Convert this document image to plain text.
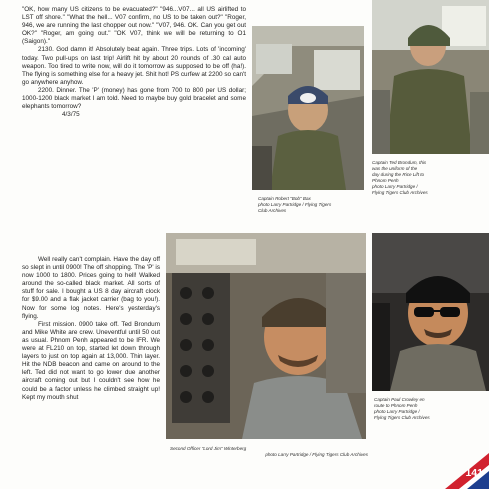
"OK, how many US citizens to be evacuated?" "946...V07... all US airlifted to LST off shore." "What the hell... V07 confirm, no US to be taken out?" "Roger, 946, we are running the last chopper out now." "V07, 946. OK. Can you get out OK?" "Roger, am going out." "OK V07, think we will be returning to O1 (Saigon)."

2130. God damn it! Absolutely beat again. Three trips. Lots of 'incoming' today. Two pull-ups on last trip! Airlift hit by about 20 rounds of .30 cal auto weapon. Too tired to write now, will do it tomorrow as supposed to be off (ha!). The flying is something else for a heavy jet. Shit hot! PS curfew at 2200 so can't go anywhere anyhow.

2200. Dinner. The 'P' (money) has gone from 700 to 800 per US dollar; 1000-1200 black market I am told. Need to maybe buy gold bracelet and some elephants tomorrow?

4/3/75

Well really can't complain. Have the day off so slept in until 0900! The off shopping. The 'P' is now 1000 to 1800. Prices going to hell! Walked around the so-called black market. All sorts of stuff for sale. I bought a US 8 day aircraft clock for $9.00 and a flak jacket carrier (bag to you!). Now for some log notes. Here's yesterday's flying.

First mission. 0900 take off. Ted Brondum and Mike White are crew. Uneventful until 50 out as usual. Phnom Penh appeared to be IFR. We were at FL210 on top, started let down through layers to just on top again at 13,000. Thin layer. Hit the NDB beacon and came on around to the left. Ted did not want to go lower due another aircraft coming out but I couldn't see how he could be a factor unless he climbed straight up! Kept my mouth shut

Captain Robert "Bob" Bax
photo Larry Partridge / Flying Tigers
Club Archives
Captain Ted Brondum, this
was the uniform of the
day during the Rice Lift to
Phnom Penh
photo Larry Partridge /
Flying Tigers Club Archives
Second Officer "Lord Jim" Winterberg
photo Larry Partridge / Flying Tigers Club Archives
Captain Paul Crowley en
route to Phnom Penh
photo Larry Partridge /
Flying Tigers Club Archives
141
